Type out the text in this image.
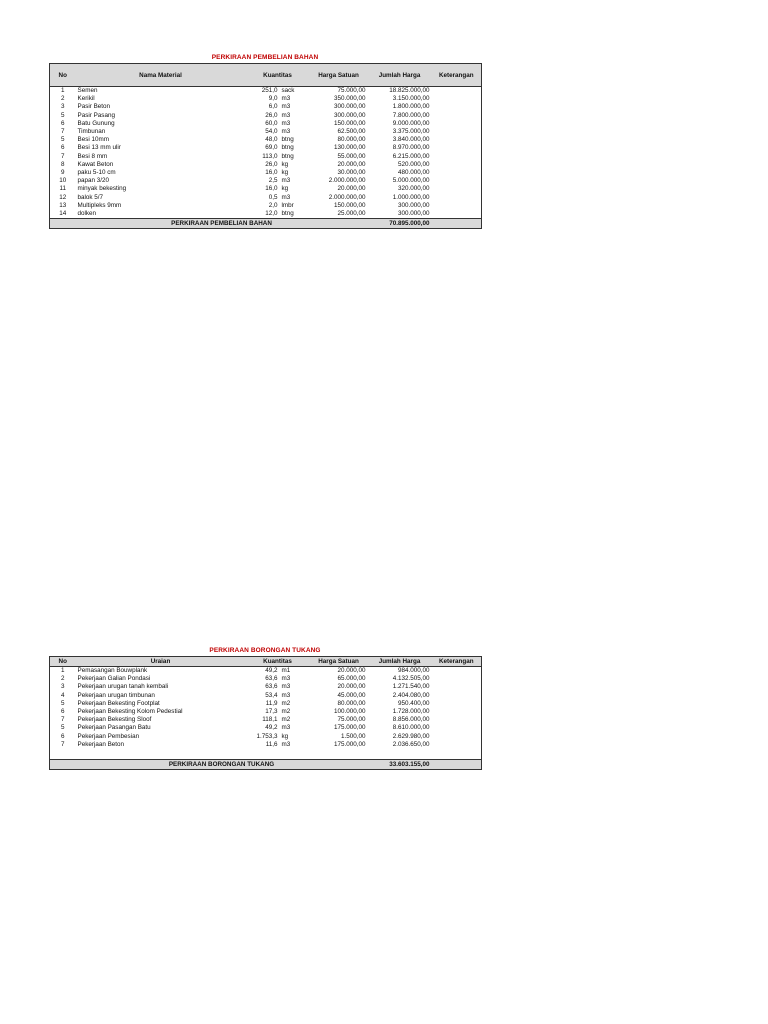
PERKIRAAN PEMBELIAN BAHAN
No	Nama Material	Kuantitas		Harga Satuan	Jumlah Harga	Keterangan
1	Semen	251,0	sack	75.000,00	18.825.000,00	
2	Kerikil	9,0	m3	350.000,00	3.150.000,00	
3	Pasir Beton	6,0	m3	300.000,00	1.800.000,00	
5	Pasir Pasang	26,0	m3	300.000,00	7.800.000,00	
6	Batu Gunung	60,0	m3	150.000,00	9.000.000,00	
7	Timbunan	54,0	m3	62.500,00	3.375.000,00	
5	Besi 10mm	48,0	btng	80.000,00	3.840.000,00	
6	Besi 13 mm ulir	69,0	btng	130.000,00	8.970.000,00	
7	Besi 8 mm	113,0	btng	55.000,00	6.215.000,00	
8	Kawat Beton	26,0	kg	20.000,00	520.000,00	
9	paku 5-10 cm	16,0	kg	30.000,00	480.000,00	
10	papan 3/20	2,5	m3	2.000.000,00	5.000.000,00	
11	minyak bekesting	16,0	kg	20.000,00	320.000,00	
12	balok 5/7	0,5	m3	2.000.000,00	1.000.000,00	
13	Multipleks 9mm	2,0	lmbr	150.000,00	300.000,00	
14	dolken	12,0	btng	25.000,00	300.000,00	
	PERKIRAAN PEMBELIAN BAHAN				70.895.000,00	
PERKIRAAN BORONGAN TUKANG
No	Uraian	Kuantitas		Harga Satuan	Jumlah Harga	Keterangan
1	Pemasangan Bouwplank	49,2	m1	20.000,00	984.000,00	
2	Pekerjaan Galian Pondasi	63,6	m3	65.000,00	4.132.505,00	
3	Pekerjaan urugan tanah kembali	63,6	m3	20.000,00	1.271.540,00	
4	Pekerjaan urugan timbunan	53,4	m3	45.000,00	2.404.080,00	
5	Pekerjaan Bekesting Footplat	11,9	m2	80.000,00	950.400,00	
6	Pekerjaan Bekesting Kolom Pedestial	17,3	m2	100.000,00	1.728.000,00	
7	Pekerjaan Bekesting Sloof	118,1	m2	75.000,00	8.856.000,00	
5	Pekerjaan Pasangan Batu	49,2	m3	175.000,00	8.610.000,00	
6	Pekerjaan Pembesian	1.753,3	kg	1.500,00	2.629.980,00	
7	Pekerjaan Beton	11,6	m3	175.000,00	2.036.650,00	

	PERKIRAAN BORONGAN TUKANG				33.603.155,00	
